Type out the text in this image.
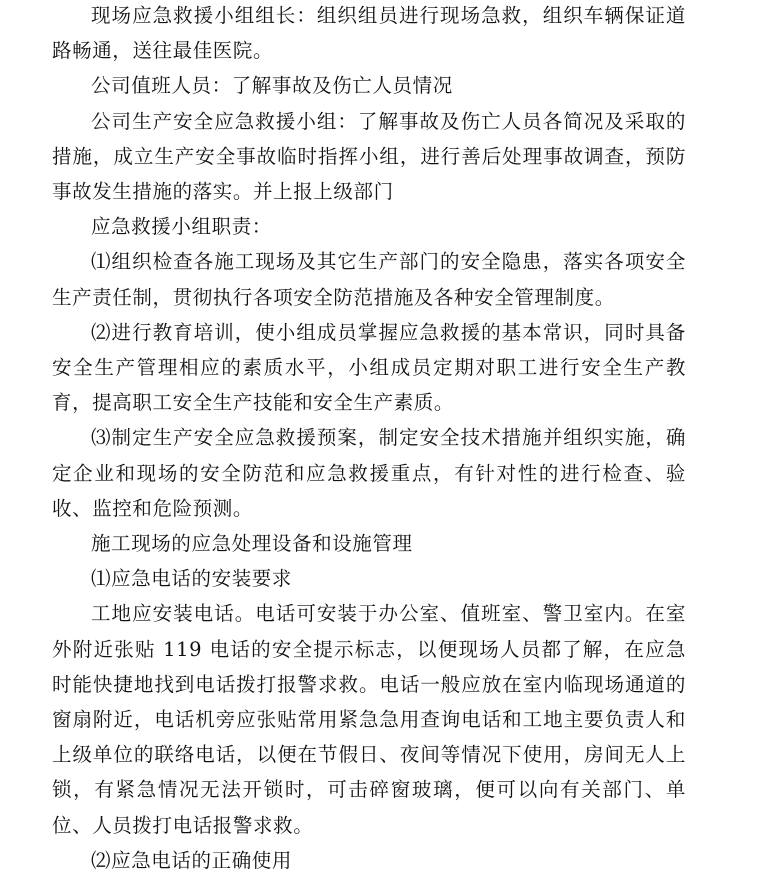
现场应急救援小组组长：组织组员进行现场急救，组织车辆保证道路畅通，送往最佳医院。

公司值班人员：了解事故及伤亡人员情况

公司生产安全应急救援小组：了解事故及伤亡人员各简况及采取的措施，成立生产安全事故临时指挥小组，进行善后处理事故调查，预防事故发生措施的落实。并上报上级部门

应急救援小组职责：

⑴组织检查各施工现场及其它生产部门的安全隐患，落实各项安全生产责任制，贯彻执行各项安全防范措施及各种安全管理制度。

⑵进行教育培训，使小组成员掌握应急救援的基本常识，同时具备安全生产管理相应的素质水平，小组成员定期对职工进行安全生产教育，提高职工安全生产技能和安全生产素质。

⑶制定生产安全应急救援预案，制定安全技术措施并组织实施，确定企业和现场的安全防范和应急救援重点，有针对性的进行检查、验收、监控和危险预测。

施工现场的应急处理设备和设施管理

⑴应急电话的安装要求

工地应安装电话。电话可安装于办公室、值班室、警卫室内。在室外附近张贴 119 电话的安全提示标志，以便现场人员都了解，在应急时能快捷地找到电话拨打报警求救。电话一般应放在室内临现场通道的窗扇附近，电话机旁应张贴常用紧急急用查询电话和工地主要负责人和上级单位的联络电话，以便在节假日、夜间等情况下使用，房间无人上锁，有紧急情况无法开锁时，可击碎窗玻璃，便可以向有关部门、单位、人员拨打电话报警求救。

⑵应急电话的正确使用
